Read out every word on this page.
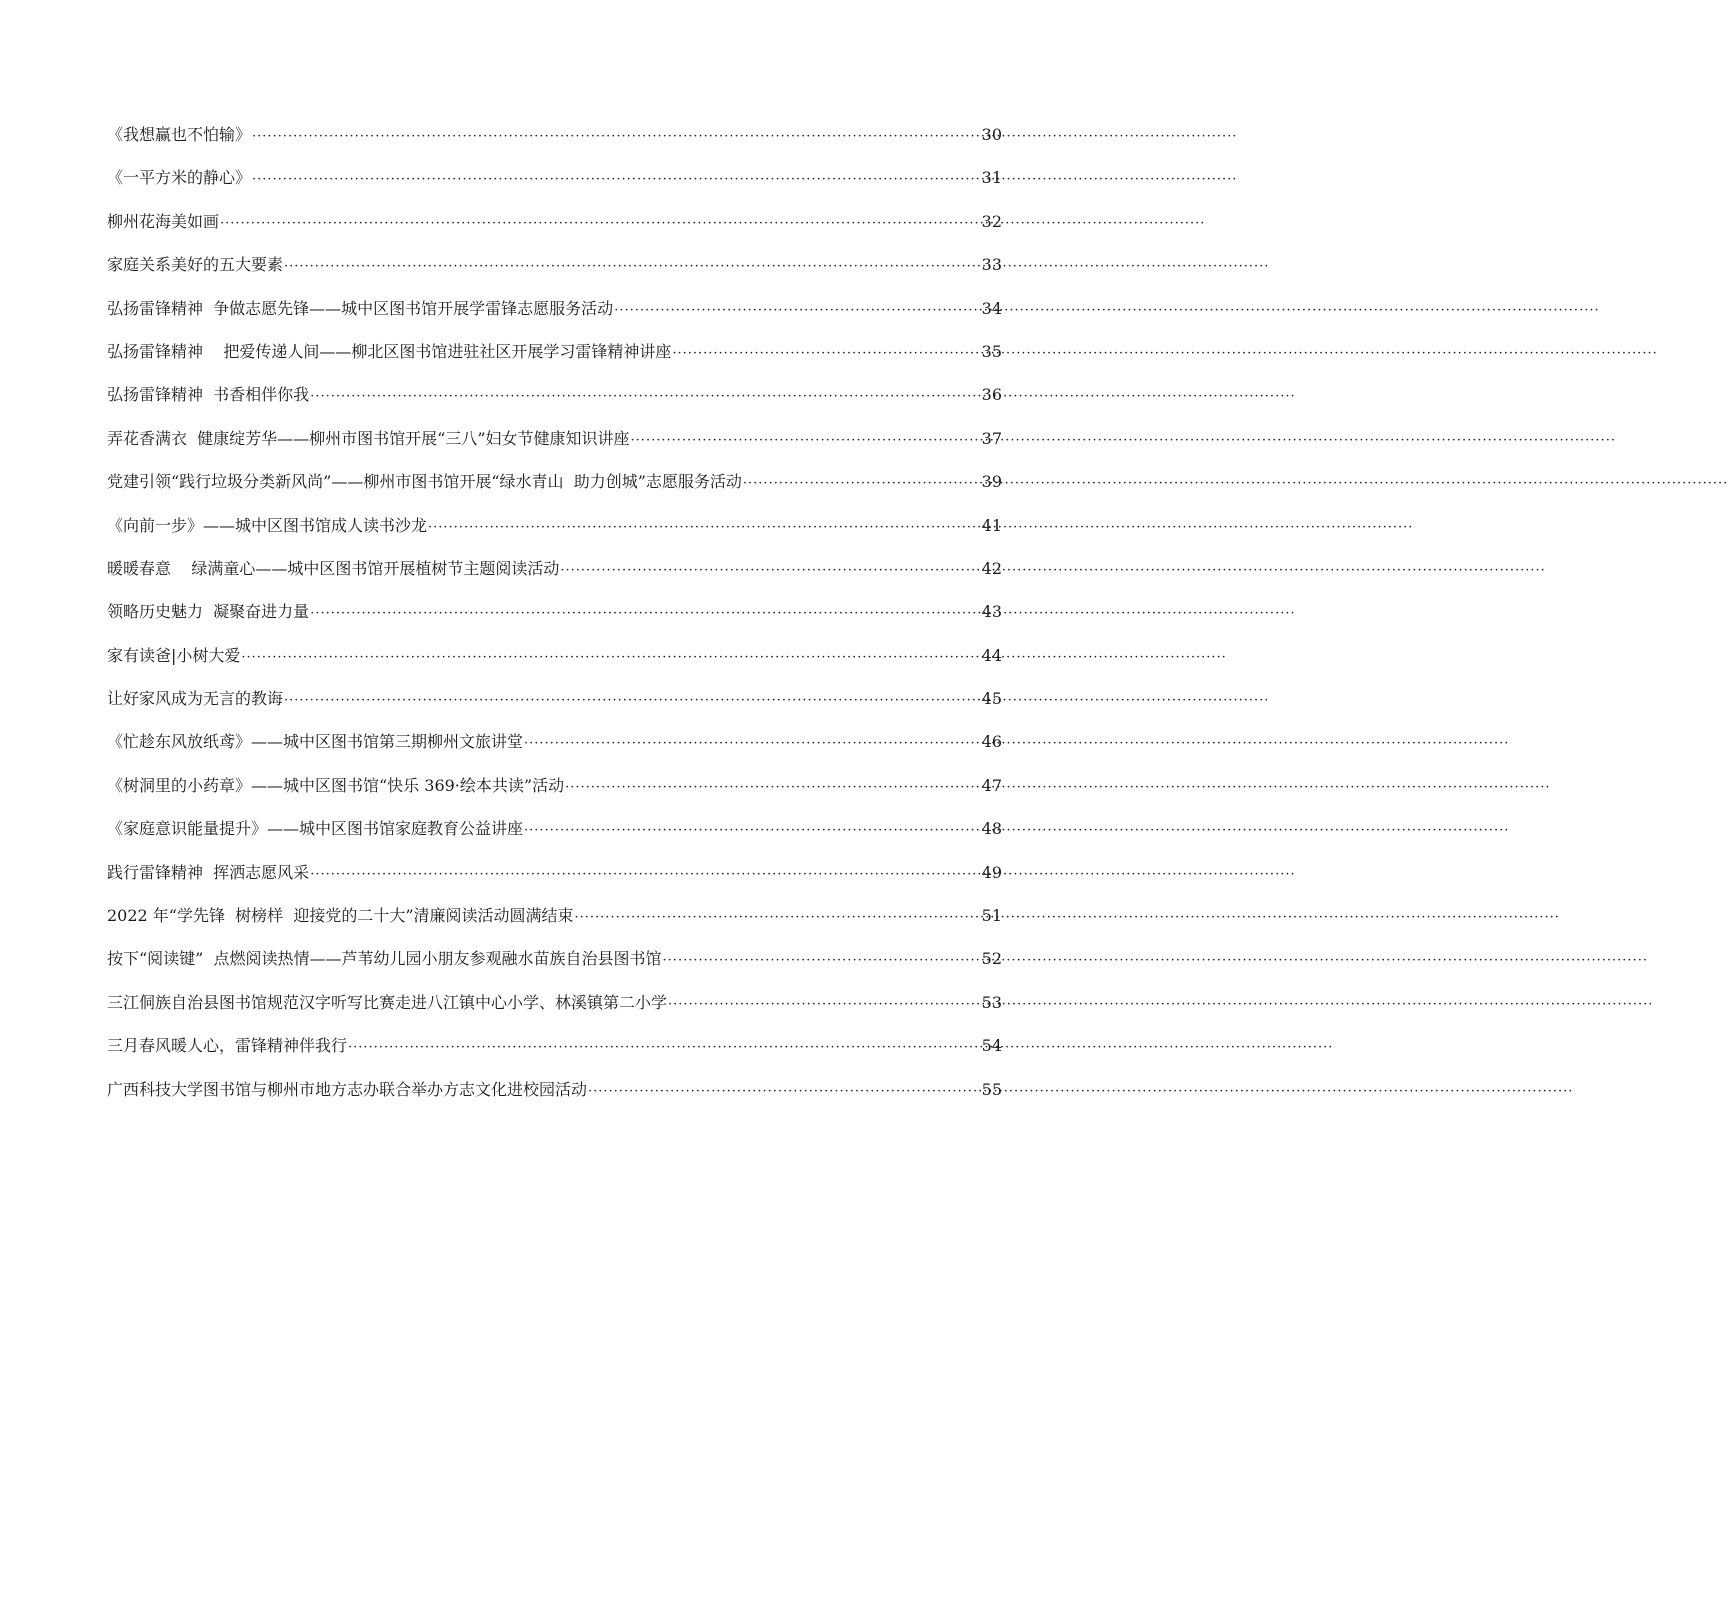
《我想赢也不怕输》 ·····	30
《一平方米的静心》 ·····	31
柳州花海美如画 ·····	32
家庭关系美好的五大要素 ·····	33
弘扬雷锋精神  争做志愿先锋——城中区图书馆开展学雷锋志愿服务活动 ·····	34
弘扬雷锋精神    把爱传递人间——柳北区图书馆进驻社区开展学习雷锋精神讲座 ·····	35
弘扬雷锋精神  书香相伴你我 ·····	36
弄花香满衣  健康绽芳华——柳州市图书馆开展“三八”妇女节健康知识讲座 ·····	37
党建引领“践行垃圾分类新风尚”——柳州市图书馆开展“绿水青山  助力创城”志愿服务活动 ·····	39
《向前一步》——城中区图书馆成人读书沙龙 ·····	41
暖暖春意    绿满童心——城中区图书馆开展植树节主题阅读活动 ·····	42
领略历史魅力  凝聚奋进力量 ·····	43
家有读爸|小树大爱 ·····	44
让好家风成为无言的教诲 ·····	45
《忙趁东风放纸鸢》——城中区图书馆第三期柳州文旅讲堂 ·····	46
《树洞里的小药章》——城中区图书馆“快乐 369·绘本共读”活动 ·····	47
《家庭意识能量提升》——城中区图书馆家庭教育公益讲座 ·····	48
践行雷锋精神  挥洒志愿风采 ·····	49
2022 年“学先锋  树榜样  迎接党的二十大”清廉阅读活动圆满结束 ·····	51
按下“阅读键”  点燃阅读热情——芦苇幼儿园小朋友参观融水苗族自治县图书馆 ·····	52
三江侗族自治县图书馆规范汉字听写比赛走进八江镇中心小学、林溪镇第二小学 ·····	53
三月春风暖人心，雷锋精神伴我行 ·····	54
广西科技大学图书馆与柳州市地方志办联合举办方志文化进校园活动 ·····	55
